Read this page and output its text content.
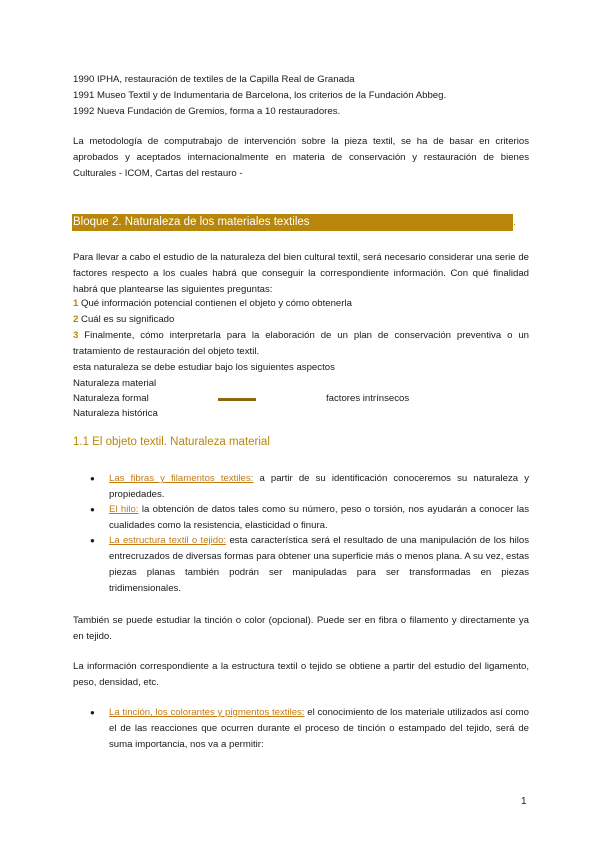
1990 IPHA, restauración de textiles de la Capilla Real de Granada
1991 Museo Textil y de Indumentaria de Barcelona, los criterios de la Fundación Abbeg.
1992 Nueva Fundación de Gremios, forma a 10 restauradores.
La metodología de computrabajo de intervención sobre la pieza textil, se ha de basar en criterios aprobados y aceptados internacionalmente en materia de conservación y restauración de bienes Culturales - ICOM, Cartas del restauro -
Bloque 2. Naturaleza de los materiales textiles	.
Para llevar a cabo el estudio de la naturaleza del bien cultural textil, será necesario considerar una serie de factores respecto a los cuales habrá que conseguir la correspondiente información. Con qué finalidad habrá que plantearse las siguientes preguntas:
1 Qué información potencial contienen el objeto y cómo obtenerla
2 Cuál es su significado
3 Finalmente, cómo interpretarla para la elaboración de un plan de conservación preventiva o un tratamiento de restauración del objeto textil.
esta naturaleza se debe estudiar bajo los siguientes aspectos
Naturaleza material
Naturaleza formal
Naturaleza histórica
factores intrínsecos
1.1 El objeto textil. Naturaleza material
● Las fibras y filamentos textiles: a partir de su identificación conoceremos su naturaleza y propiedades.
● El hilo: la obtención de datos tales como su número, peso o torsión, nos ayudarán a conocer las cualidades como la resistencia, elasticidad o finura.
● La estructura textil o tejido: esta característica será el resultado de una manipulación de los hilos entrecruzados de diversas formas para obtener una superficie más o menos plana. A su vez, estas piezas planas también podrán ser manipuladas para ser transformadas en piezas tridimensionales.
También se puede estudiar la tinción o color (opcional). Puede ser en fibra o filamento y directamente ya en tejido.
La información correspondiente a la estructura textil o tejido se obtiene a partir del estudio del ligamento, peso, densidad, etc.
● La tinción, los colorantes y pigmentos textiles: el conocimiento de los materiale utilizados así como el de las reacciones que ocurren durante el proceso de tinción o estampado del tejido, será de suma importancia, nos va a permitir:
1
